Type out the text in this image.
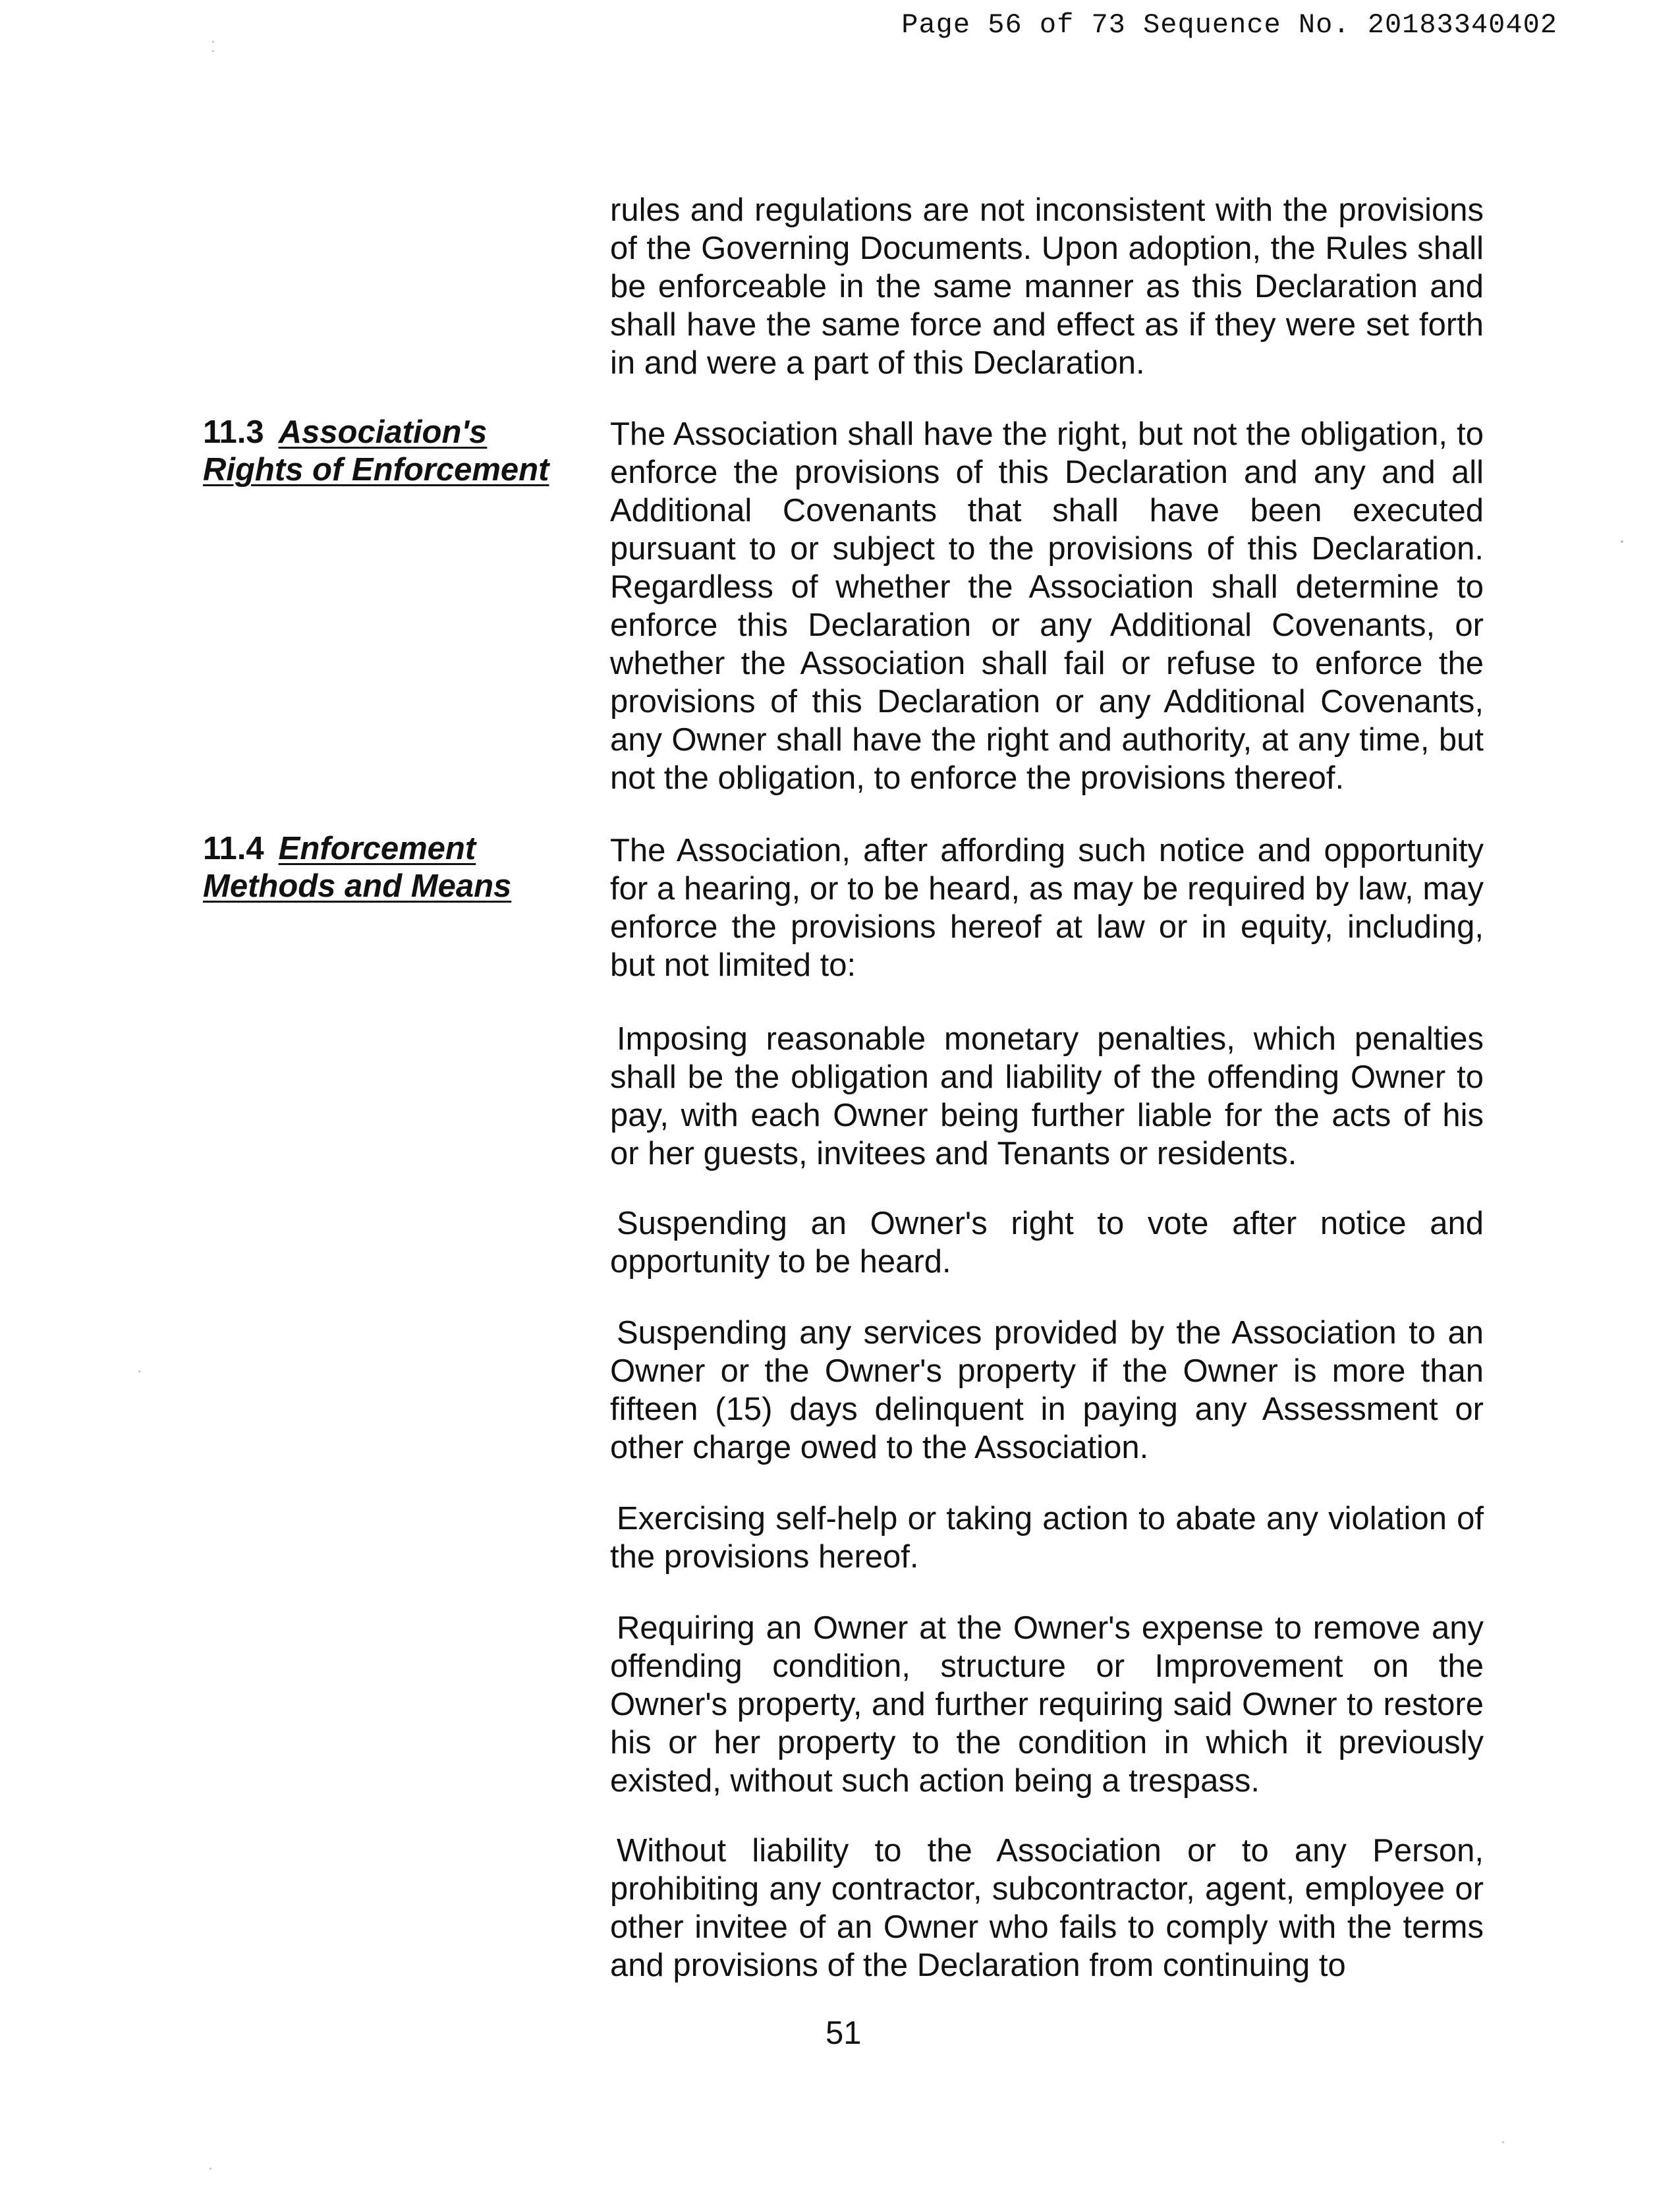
Page 56 of 73 Sequence No. 20183340402

rules and regulations are not inconsistent with the provisions of the Governing Documents. Upon adoption, the Rules shall be enforceable in the same manner as this Declaration and shall have the same force and effect as if they were set forth in and were a part of this Declaration.

11.3 Association's
Rights of Enforcement

The Association shall have the right, but not the obligation, to enforce the provisions of this Declaration and any and all Additional Covenants that shall have been executed pursuant to or subject to the provisions of this Declaration. Regardless of whether the Association shall determine to enforce this Declaration or any Additional Covenants, or whether the Association shall fail or refuse to enforce the provisions of this Declaration or any Additional Covenants, any Owner shall have the right and authority, at any time, but not the obligation, to enforce the provisions thereof.

11.4 Enforcement
Methods and Means

The Association, after affording such notice and opportunity for a hearing, or to be heard, as may be required by law, may enforce the provisions hereof at law or in equity, including, but not limited to:

Imposing reasonable monetary penalties, which penalties shall be the obligation and liability of the offending Owner to pay, with each Owner being further liable for the acts of his or her guests, invitees and Tenants or residents.

Suspending an Owner's right to vote after notice and opportunity to be heard.

Suspending any services provided by the Association to an Owner or the Owner's property if the Owner is more than fifteen (15) days delinquent in paying any Assessment or other charge owed to the Association.

Exercising self-help or taking action to abate any violation of the provisions hereof.

Requiring an Owner at the Owner's expense to remove any offending condition, structure or Improvement on the Owner's property, and further requiring said Owner to restore his or her property to the condition in which it previously existed, without such action being a trespass.

Without liability to the Association or to any Person, prohibiting any contractor, subcontractor, agent, employee or other invitee of an Owner who fails to comply with the terms and provisions of the Declaration from continuing to

51
